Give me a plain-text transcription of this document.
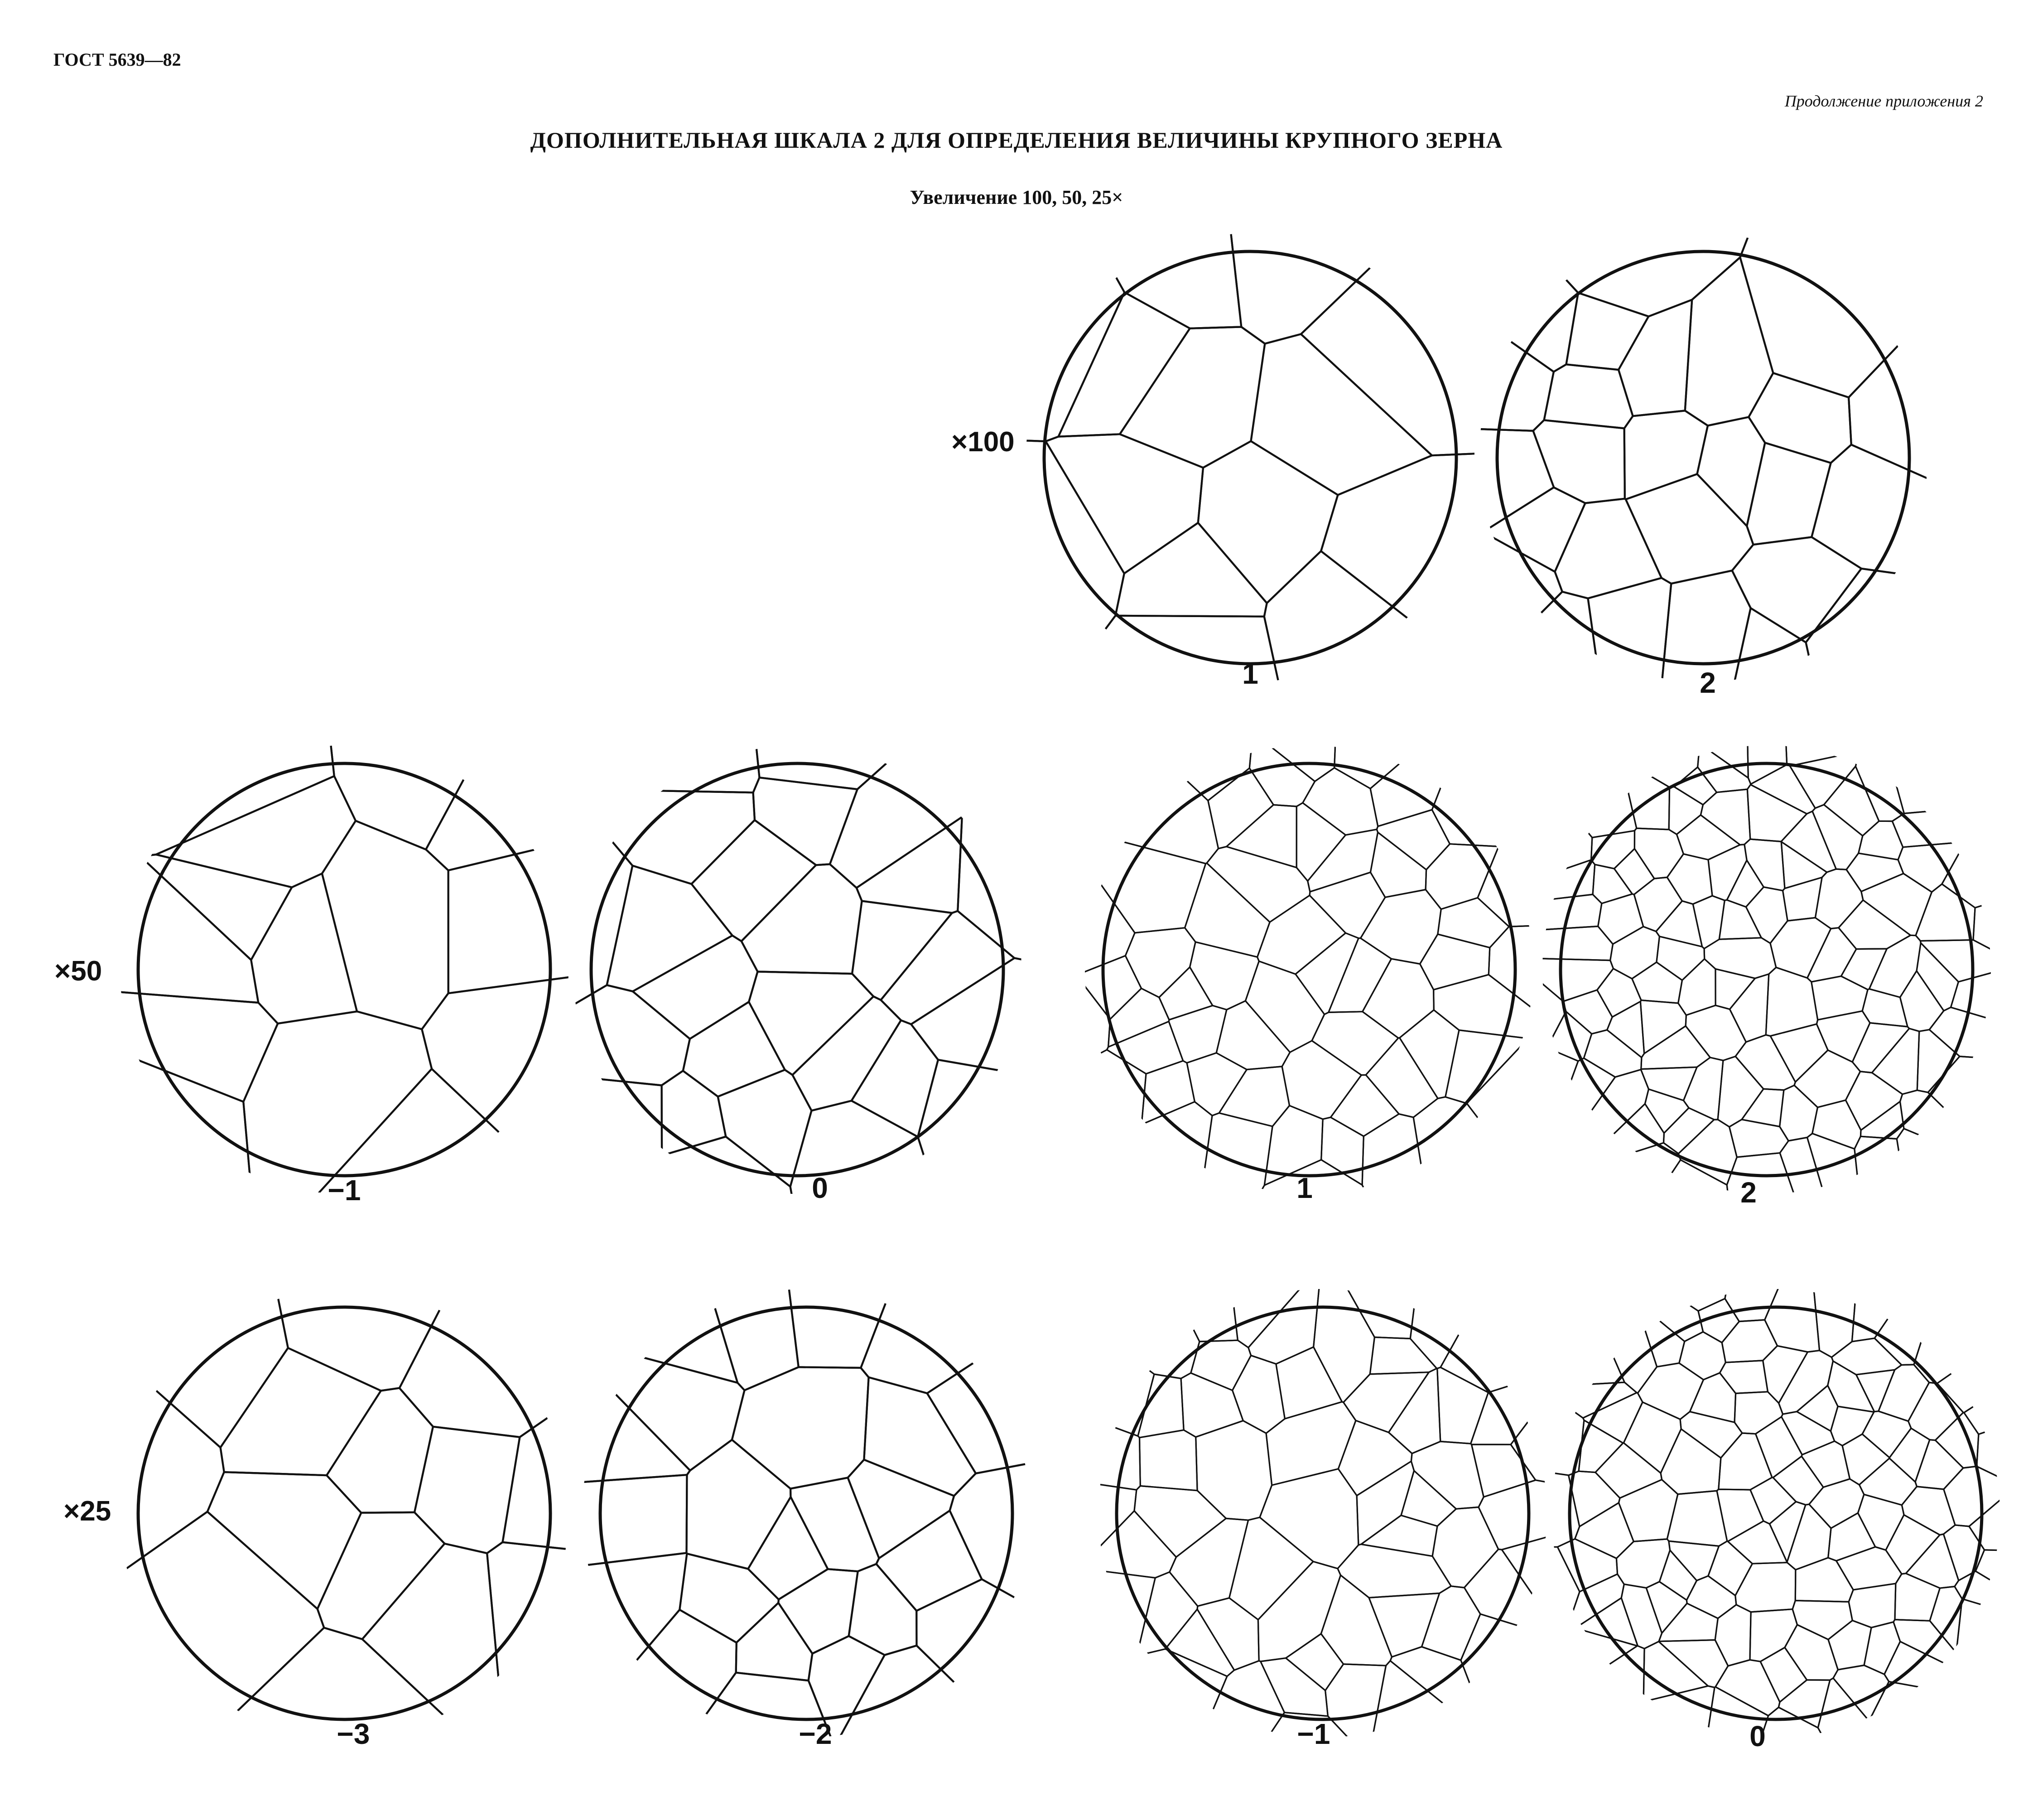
ГОСТ 5639—82
Продолжение приложения 2
ДОПОЛНИТЕЛЬНАЯ ШКАЛА 2 ДЛЯ ОПРЕДЕЛЕНИЯ ВЕЛИЧИНЫ КРУПНОГО ЗЕРНА
Увеличение 100, 50, 25×
×100
×50
×25
1	2
−1	0	1	2
−3	−2	−1	0
